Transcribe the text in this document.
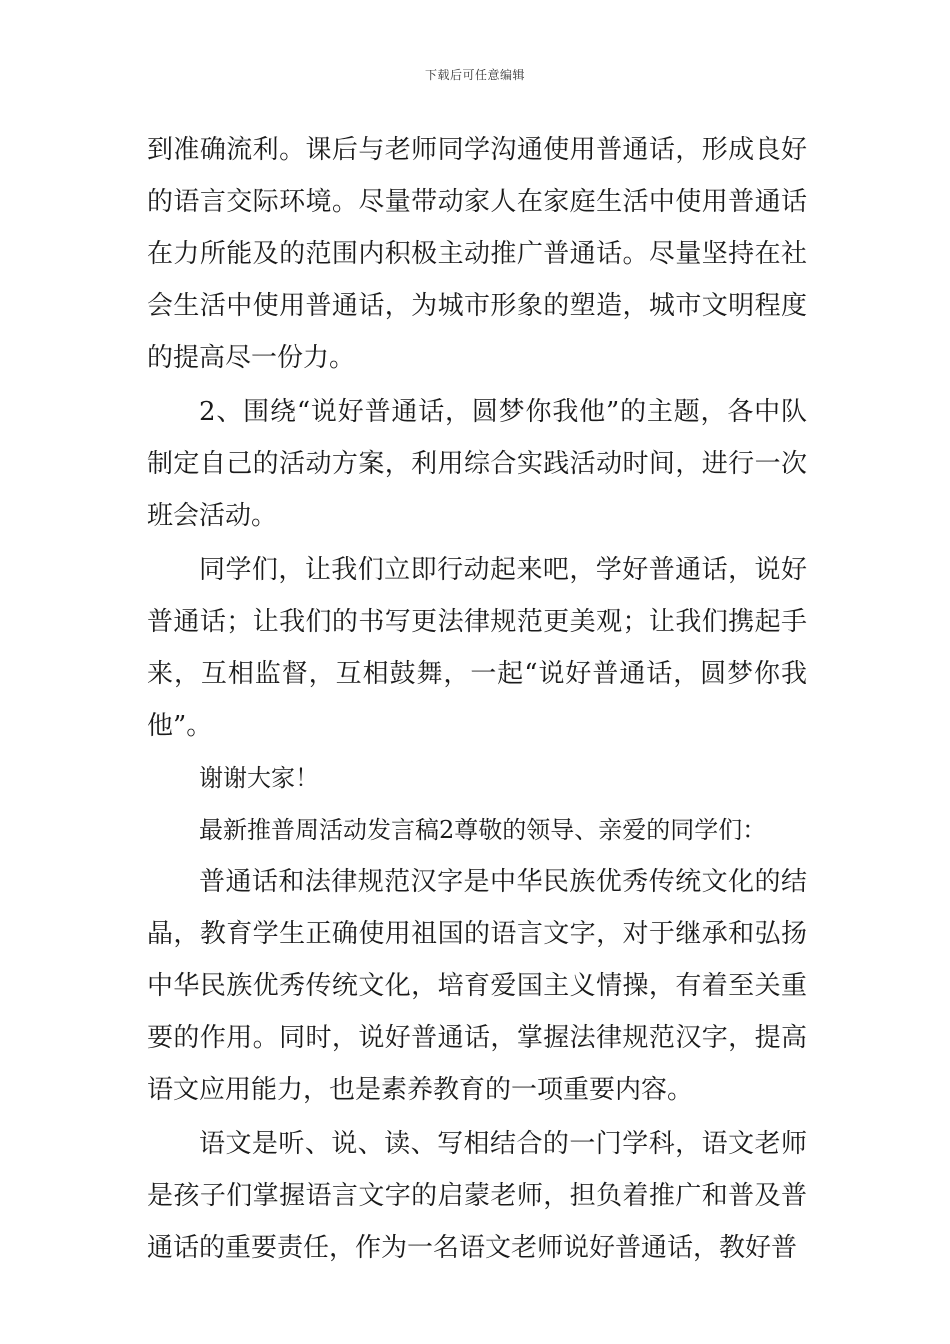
下载后可任意编辑

到准确流利。课后与老师同学沟通使用普通话，形成良好的语言交际环境。尽量带动家人在家庭生活中使用普通话在力所能及的范围内积极主动推广普通话。尽量坚持在社会生活中使用普通话，为城市形象的塑造，城市文明程度的提高尽一份力。

2、围绕“说好普通话，圆梦你我他”的主题，各中队制定自己的活动方案，利用综合实践活动时间，进行一次班会活动。

同学们，让我们立即行动起来吧，学好普通话，说好普通话；让我们的书写更法律规范更美观；让我们携起手来，互相监督，互相鼓舞，一起“说好普通话，圆梦你我他”。

谢谢大家！

最新推普周活动发言稿2尊敬的领导、亲爱的同学们：

普通话和法律规范汉字是中华民族优秀传统文化的结晶，教育学生正确使用祖国的语言文字，对于继承和弘扬中华民族优秀传统文化，培育爱国主义情操，有着至关重要的作用。同时，说好普通话，掌握法律规范汉字，提高语文应用能力，也是素养教育的一项重要内容。

语文是听、说、读、写相结合的一门学科，语文老师是孩子们掌握语言文字的启蒙老师，担负着推广和普及普通话的重要责任，作为一名语文老师说好普通话，教好普
